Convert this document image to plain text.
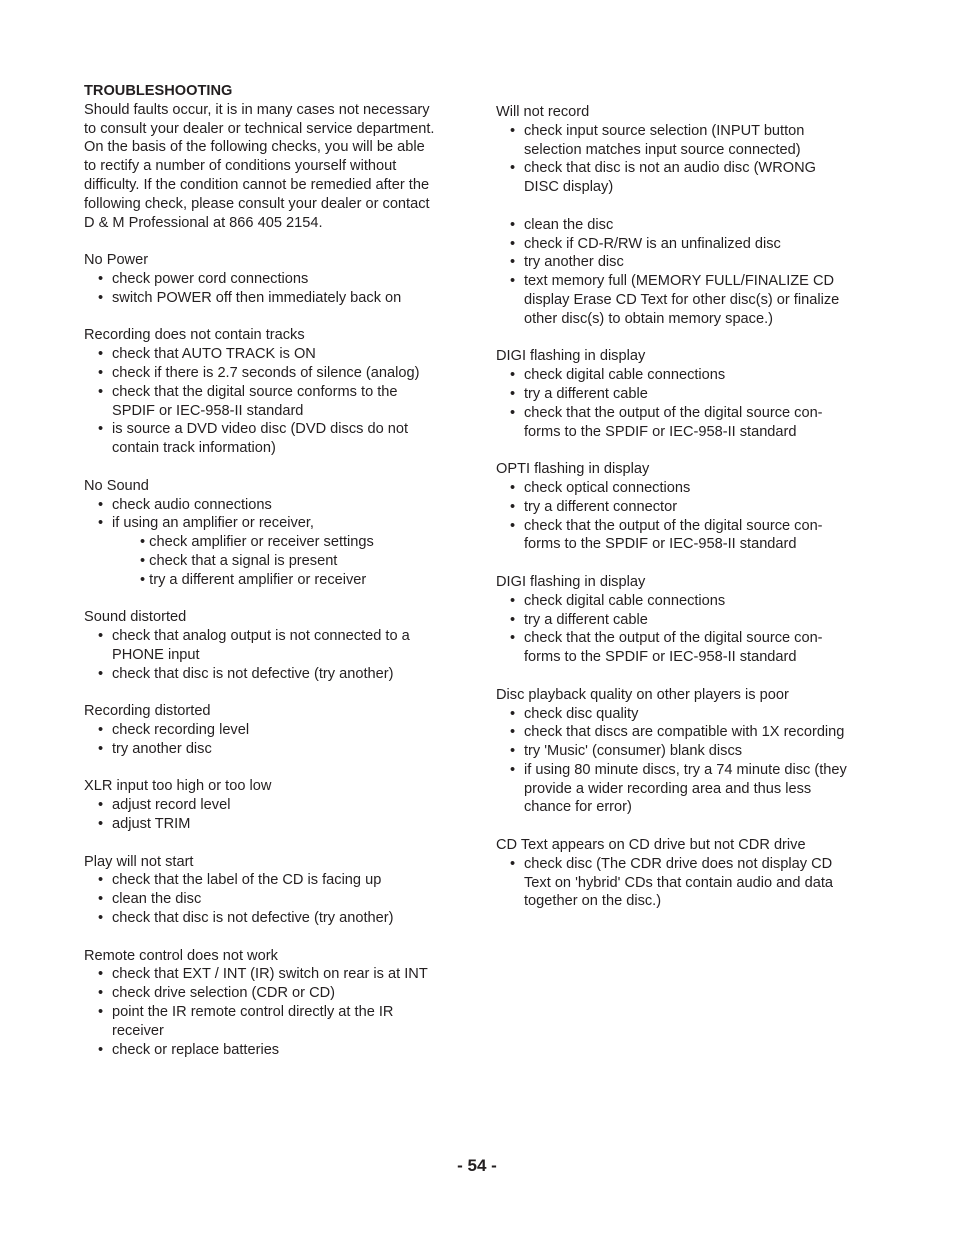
TROUBLESHOOTING

Should faults occur, it is in many cases not necessary
to consult your dealer or technical service department.
On the basis of the following checks, you will be able
to rectify a number of conditions yourself without
difficulty. If the condition cannot be remedied after the
following check, please consult your dealer or contact
D & M Professional at 866 405 2154.

No Power

• check power cord connections
• switch POWER off then immediately back on

Recording does not contain tracks

• check that AUTO TRACK is ON
• check if there is 2.7 seconds of silence (analog)
• check that the digital source conforms to the
SPDIF or IEC-958-II standard
• is source a DVD video disc (DVD discs do not
contain track information)

No Sound

• check audio connections
• if using an amplifier or receiver,
• check amplifier or receiver settings
• check that a signal is present
• try a different amplifier or receiver

Sound distorted

• check that analog output is not connected to a
PHONE input
• check that disc is not defective (try another)

Recording distorted

• check recording level
• try another disc

XLR input too high or too low

• adjust record level
• adjust TRIM

Play will not start

• check that the label of the CD is facing up
• clean the disc
• check that disc is not defective (try another)

Remote control does not work

• check that EXT / INT (IR) switch on rear is at INT
• check drive selection (CDR or CD)
• point the IR remote control directly at the IR
receiver
• check or replace batteries

Will not record

• check input source selection (INPUT button
selection matches input source connected)
• check that disc is not an audio disc (WRONG
DISC display)
• clean the disc
• check if CD-R/RW is an unfinalized disc
• try another disc
• text memory full (MEMORY FULL/FINALIZE CD
display Erase CD Text for other disc(s) or finalize
other disc(s) to obtain memory space.)

DIGI flashing in display

• check digital cable connections
• try a different cable
• check that the output of the digital source con-
forms to the SPDIF or IEC-958-II standard

OPTI flashing in display

• check optical connections
• try a different connector
• check that the output of the digital source con-
forms to the SPDIF or IEC-958-II standard

DIGI flashing in display

• check digital cable connections
• try a different cable
• check that the output of the digital source con-
forms to the SPDIF or IEC-958-II standard

Disc playback quality on other players is poor

• check disc quality
• check that discs are compatible with 1X recording
• try 'Music' (consumer) blank discs
• if using 80 minute discs, try a 74 minute disc (they
provide a wider recording area and thus less
chance for error)

CD Text appears on CD drive but not CDR drive

• check disc (The CDR drive does not display CD
Text on 'hybrid' CDs that contain audio and data
together on the disc.)
- 54 -
